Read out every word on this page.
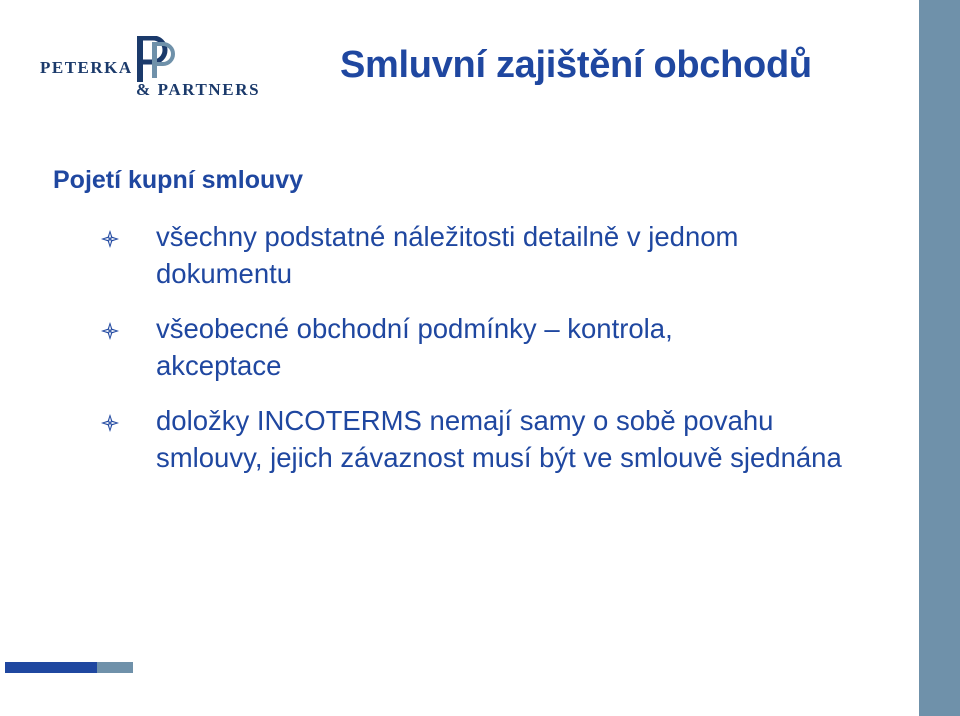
PETERKA
& PARTNERS
Smluvní zajištění obchodů
Pojetí kupní smlouvy
všechny podstatné náležitosti detailně v jednom dokumentu
všeobecné obchodní podmínky – kontrola, akceptace
doložky INCOTERMS nemají samy o sobě povahu smlouvy, jejich závaznost musí být ve smlouvě sjednána
